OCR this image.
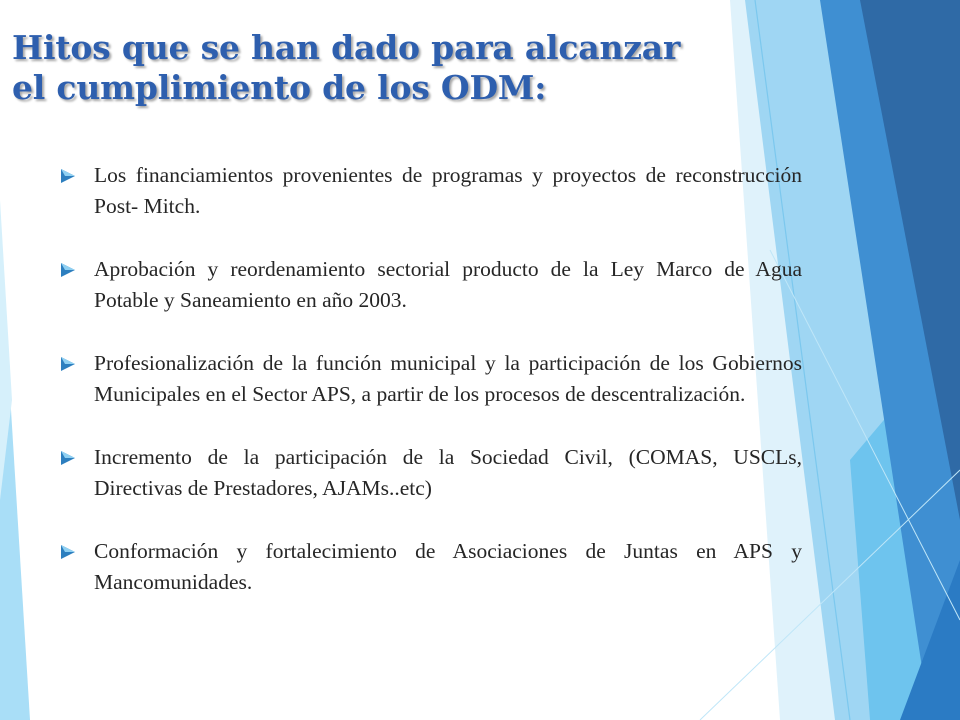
Hitos que se han dado para alcanzar
el cumplimiento de los ODM:
Los financiamientos provenientes de programas y proyectos de reconstrucción Post- Mitch.
Aprobación y reordenamiento sectorial producto de la Ley Marco de Agua Potable y Saneamiento en año 2003.
Profesionalización de la función municipal y la participación de los Gobiernos Municipales en el Sector APS, a partir de los procesos de descentralización.
Incremento de la participación de la Sociedad Civil, (COMAS, USCLs, Directivas de Prestadores, AJAMs..etc)
Conformación y fortalecimiento de Asociaciones de Juntas en APS y Mancomunidades.
